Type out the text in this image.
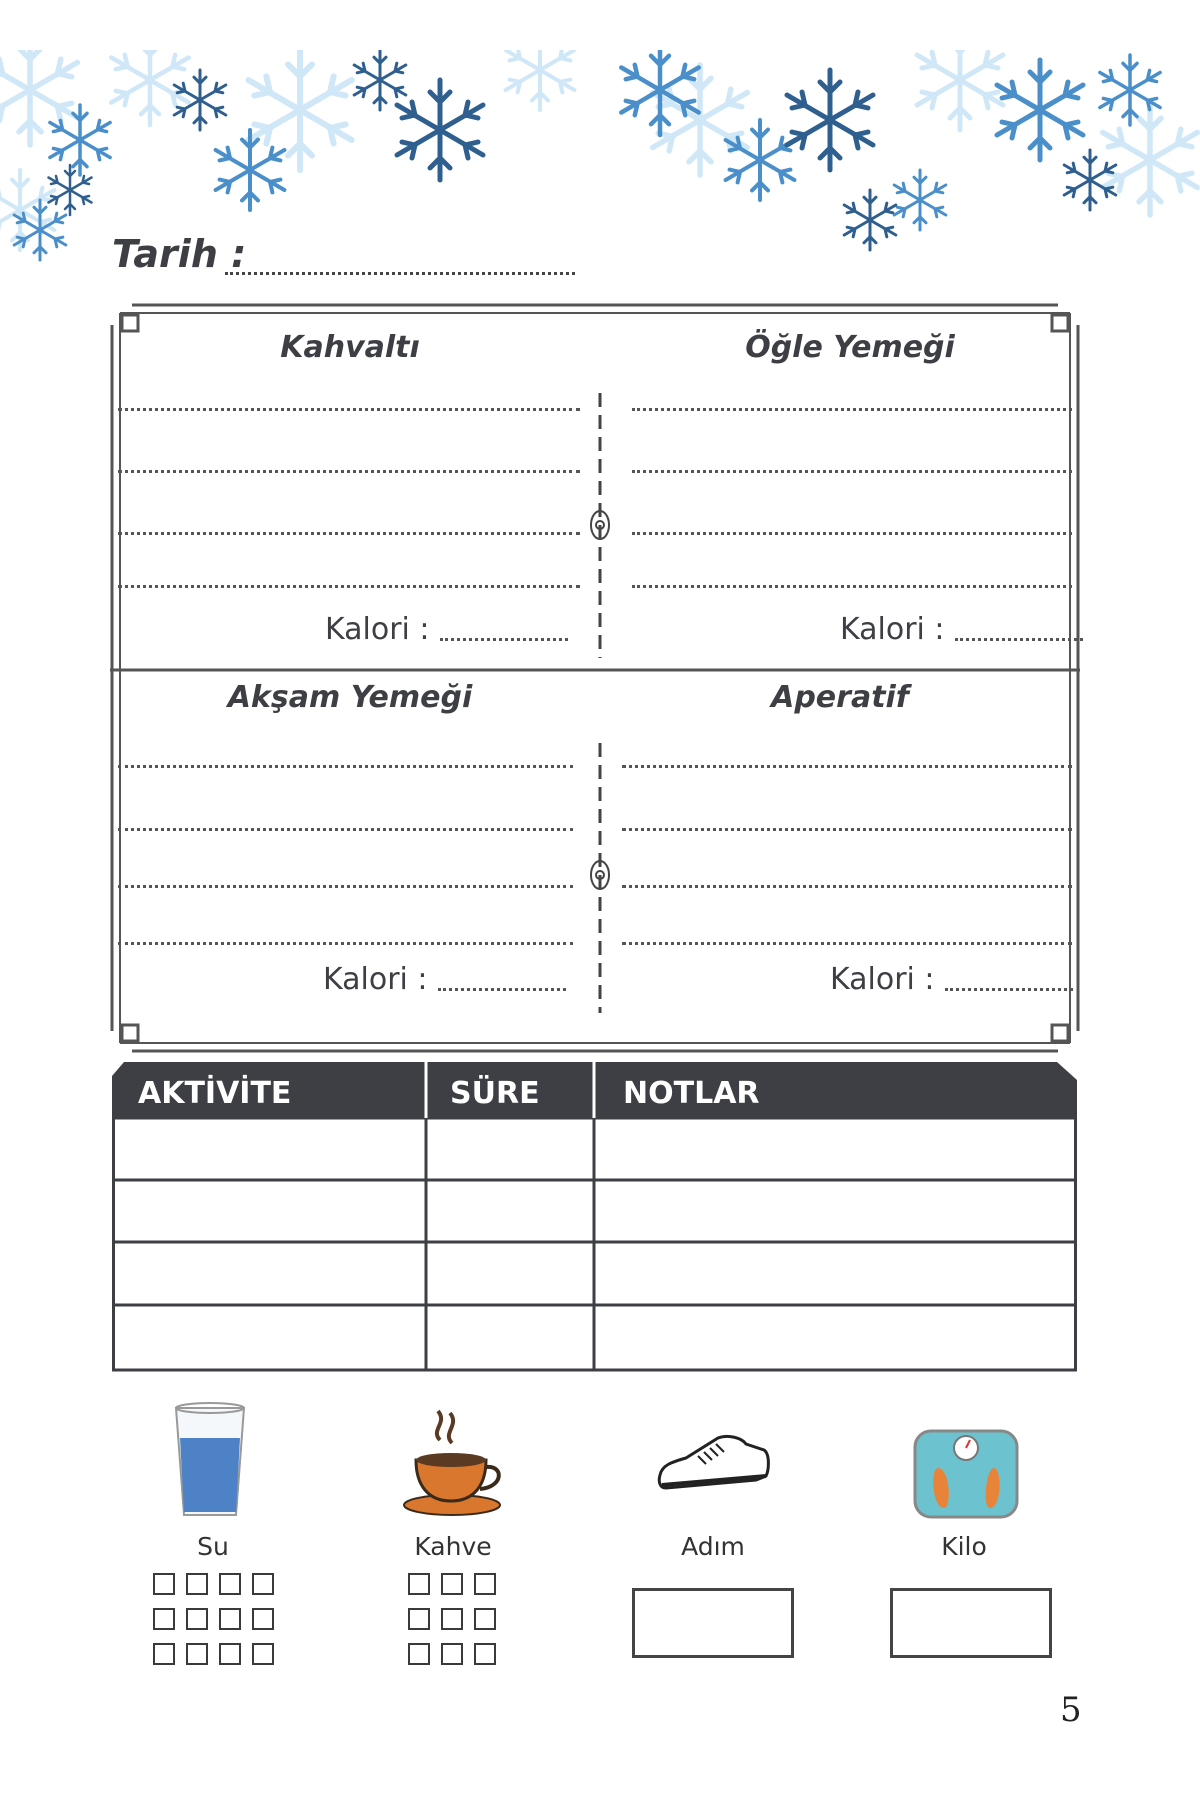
Tarih :
Kahvaltı
Kalori :
Öğle Yemeği
Kalori :
Akşam Yemeği
Kalori :
Aperatif
Kalori :
AKTİVİTE	SÜRE	NOTLAR
Su	Kahve	Adım	Kilo
5
